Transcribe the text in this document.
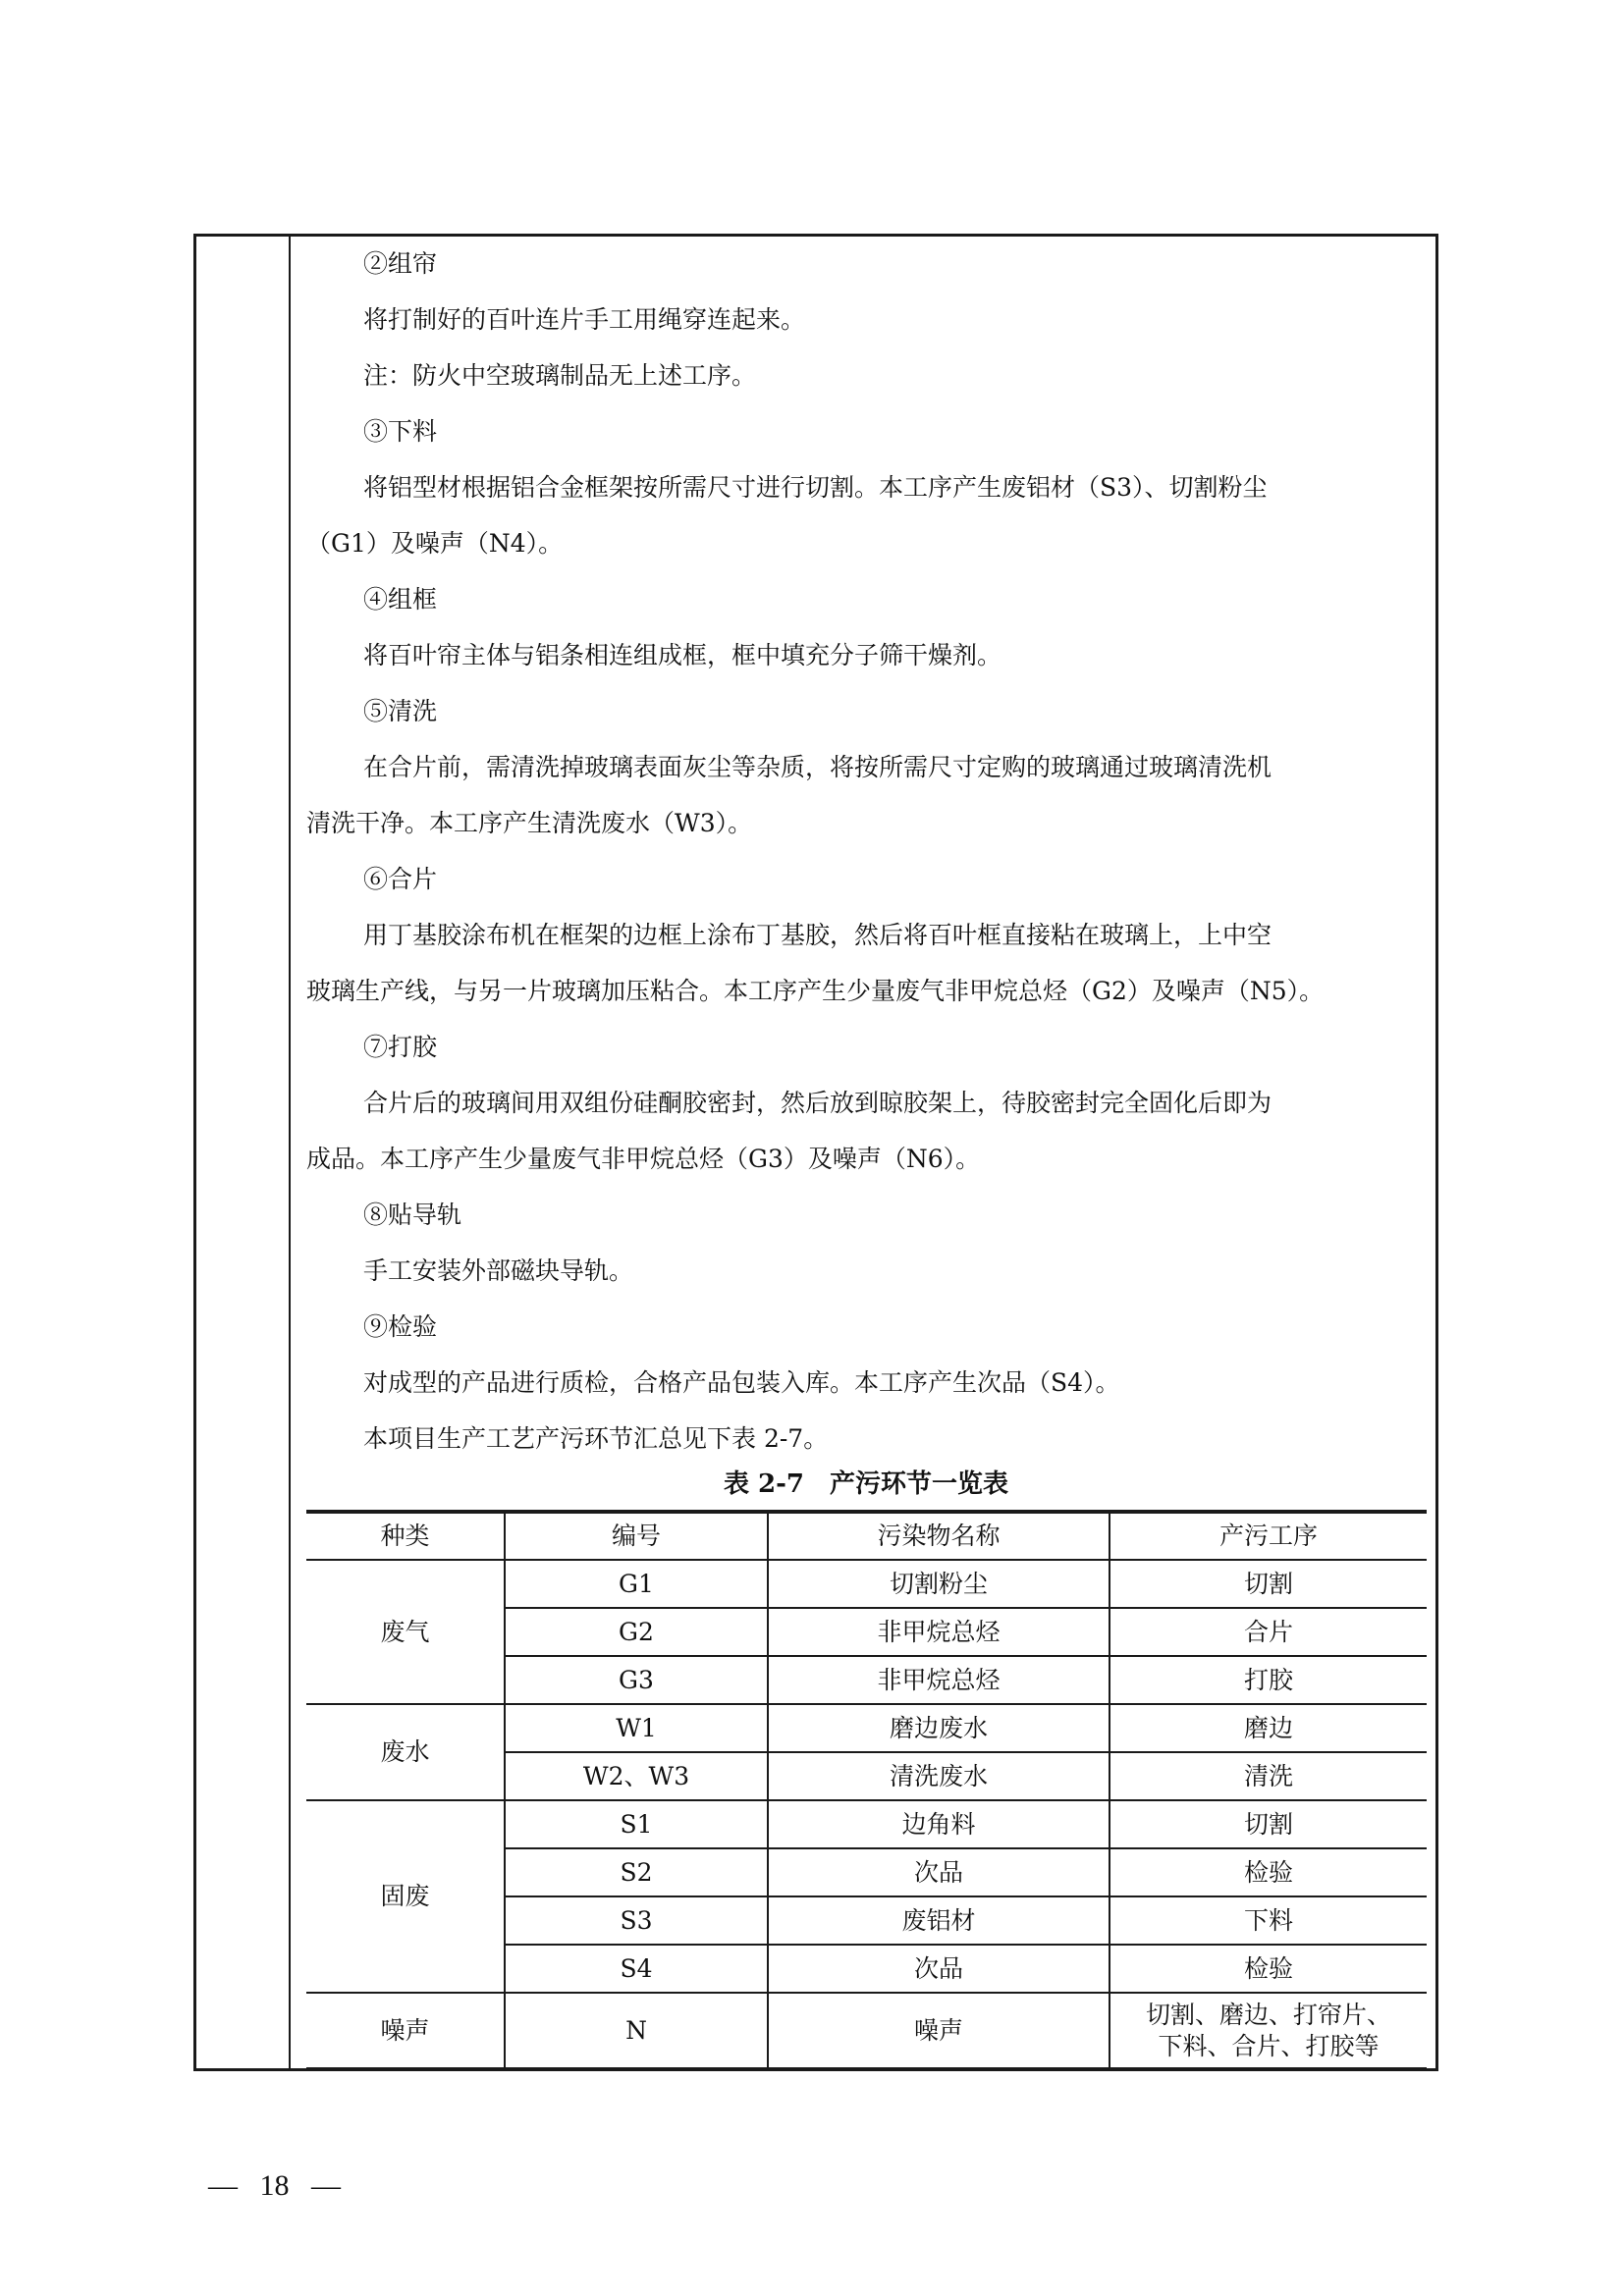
②组帘
将打制好的百叶连片手工用绳穿连起来。
注：防火中空玻璃制品无上述工序。
③下料
将铝型材根据铝合金框架按所需尺寸进行切割。本工序产生废铝材（S3）、切割粉尘
（G1）及噪声（N4）。
④组框
将百叶帘主体与铝条相连组成框，框中填充分子筛干燥剂。
⑤清洗
在合片前，需清洗掉玻璃表面灰尘等杂质，将按所需尺寸定购的玻璃通过玻璃清洗机
清洗干净。本工序产生清洗废水（W3）。
⑥合片
用丁基胶涂布机在框架的边框上涂布丁基胶，然后将百叶框直接粘在玻璃上，上中空
玻璃生产线，与另一片玻璃加压粘合。本工序产生少量废气非甲烷总烃（G2）及噪声（N5）。
⑦打胶
合片后的玻璃间用双组份硅酮胶密封，然后放到晾胶架上，待胶密封完全固化后即为
成品。本工序产生少量废气非甲烷总烃（G3）及噪声（N6）。
⑧贴导轨
手工安装外部磁块导轨。
⑨检验
对成型的产品进行质检，合格产品包装入库。本工序产生次品（S4）。
本项目生产工艺产污环节汇总见下表 2-7。
表 2-7　产污环节一览表
种类	编号	污染物名称	产污工序
废气	G1	切割粉尘	切割
	G2	非甲烷总烃	合片
	G3	非甲烷总烃	打胶
废水	W1	磨边废水	磨边
	W2、W3	清洗废水	清洗
固废	S1	边角料	切割
	S2	次品	检验
	S3	废铝材	下料
	S4	次品	检验
噪声	N	噪声	切割、磨边、打帘片、
下料、合片、打胶等
—   18   —
